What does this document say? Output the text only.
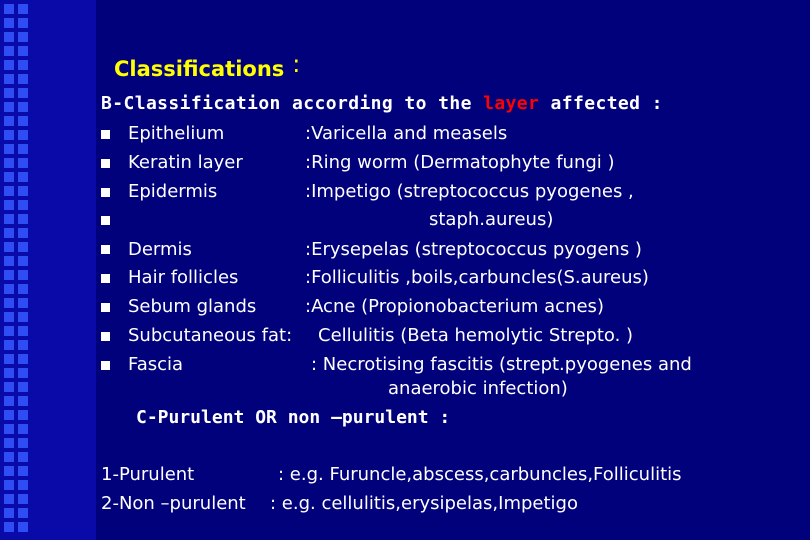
Classifications :
B-Classification according to the layer affected :
Epithelium
Keratin layer
Epidermis
Dermis
Hair follicles
Sebum glands
Subcutaneous fat:
Fascia
:Varicella and measels
:Ring worm (Dermatophyte fungi )
:Impetigo (streptococcus pyogenes ,
staph.aureus)
:Erysepelas (streptococcus pyogens )
:Folliculitis ,boils,carbuncles(S.aureus)
:Acne (Propionobacterium acnes)
Cellulitis (Beta hemolytic Strepto. )
: Necrotising fascitis (strept.pyogenes and
anaerobic infection)
C-Purulent OR non –purulent :
1-Purulent	: e.g. Furuncle,abscess,carbuncles,Folliculitis
2-Non –purulent : e.g. cellulitis,erysipelas,Impetigo
